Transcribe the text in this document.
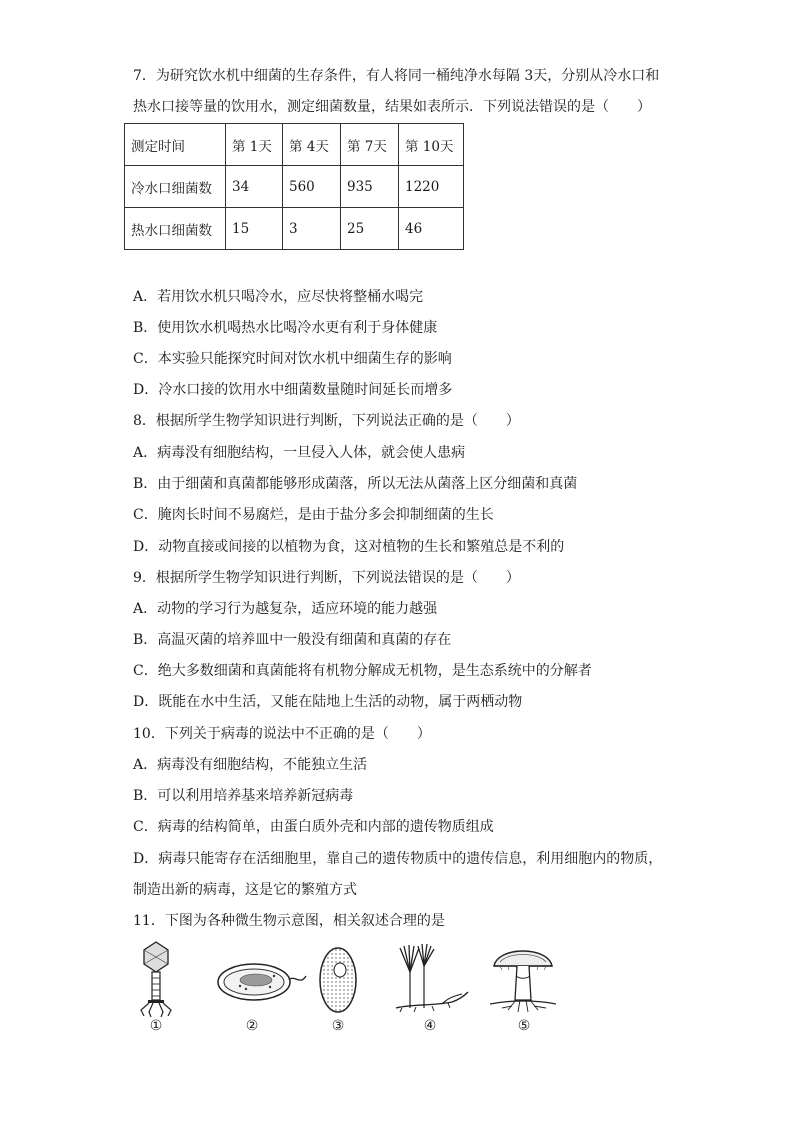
7．为研究饮水机中细菌的生存条件，有人将同一桶纯净水每隔 3天，分别从冷水口和
热水口接等量的饮用水，测定细菌数量，结果如表所示．下列说法错误的是（　　）
测定时间	第 1天	第 4天	第 7天	第 10天
冷水口细菌数	34	560	935	1220
热水口细菌数	15	3	25	46
A．若用饮水机只喝冷水，应尽快将整桶水喝完
B．使用饮水机喝热水比喝冷水更有利于身体健康
C．本实验只能探究时间对饮水机中细菌生存的影响
D．冷水口接的饮用水中细菌数量随时间延长而增多
8．根据所学生物学知识进行判断，下列说法正确的是（　　）
A．病毒没有细胞结构，一旦侵入人体，就会使人患病
B．由于细菌和真菌都能够形成菌落，所以无法从菌落上区分细菌和真菌
C．腌肉长时间不易腐烂，是由于盐分多会抑制细菌的生长
D．动物直接或间接的以植物为食，这对植物的生长和繁殖总是不利的
9．根据所学生物学知识进行判断，下列说法错误的是（　　）
A．动物的学习行为越复杂，适应环境的能力越强
B．高温灭菌的培养皿中一般没有细菌和真菌的存在
C．绝大多数细菌和真菌能将有机物分解成无机物，是生态系统中的分解者
D．既能在水中生活，又能在陆地上生活的动物，属于两栖动物
10．下列关于病毒的说法中不正确的是（　　）
A．病毒没有细胞结构，不能独立生活
B．可以利用培养基来培养新冠病毒
C．病毒的结构简单，由蛋白质外壳和内部的遗传物质组成
D．病毒只能寄存在活细胞里，靠自己的遗传物质中的遗传信息，利用细胞内的物质，
制造出新的病毒，这是它的繁殖方式
11．下图为各种微生物示意图，相关叙述合理的是
①	②	③	④	⑤
